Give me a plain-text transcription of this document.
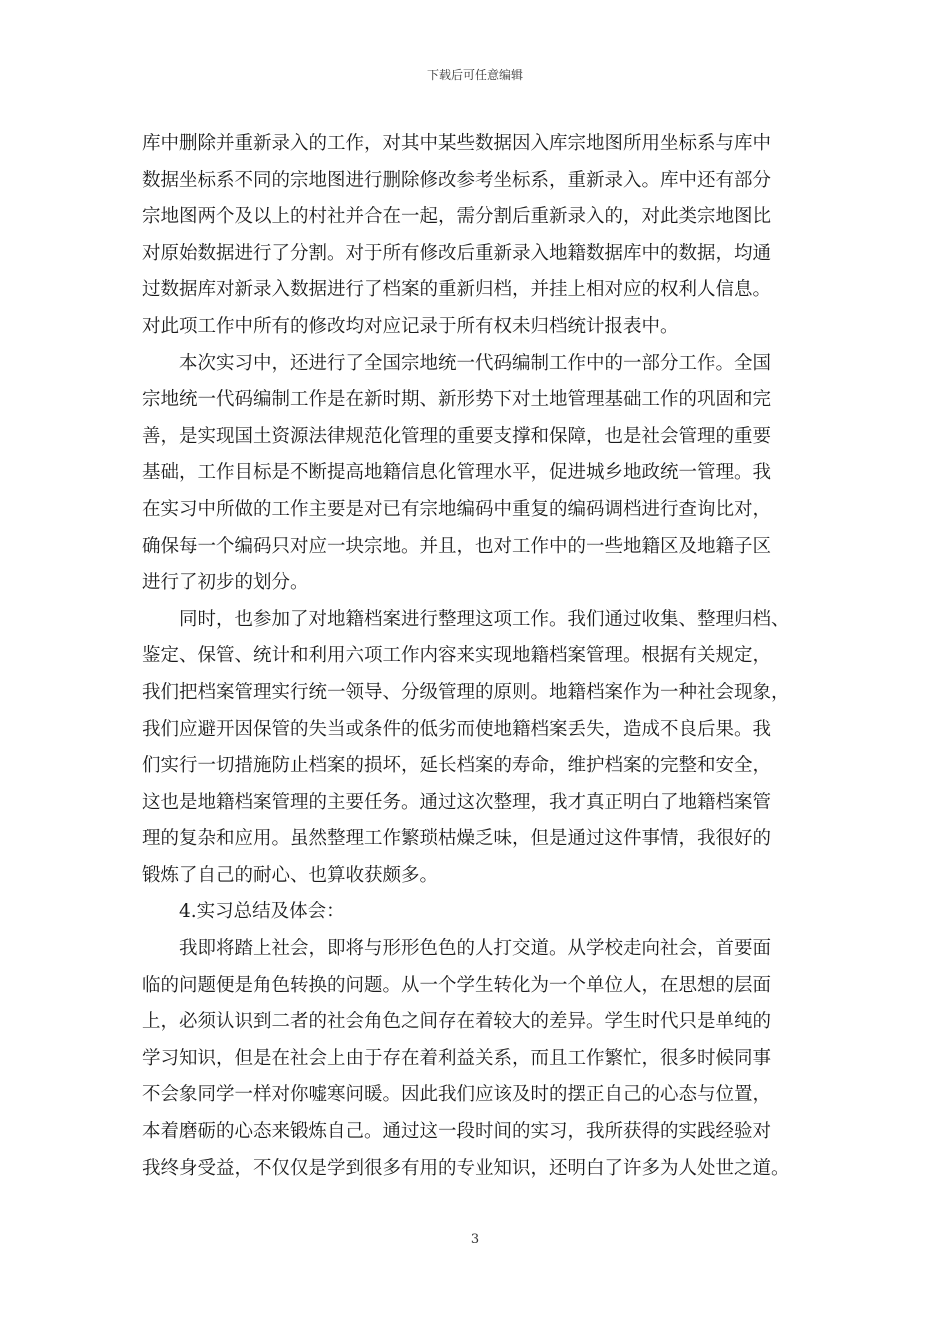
下载后可任意编辑
库中删除并重新录入的工作，对其中某些数据因入库宗地图所用坐标系与库中
数据坐标系不同的宗地图进行删除修改参考坐标系，重新录入。库中还有部分
宗地图两个及以上的村社并合在一起，需分割后重新录入的，对此类宗地图比
对原始数据进行了分割。对于所有修改后重新录入地籍数据库中的数据，均通
过数据库对新录入数据进行了档案的重新归档，并挂上相对应的权利人信息。
对此项工作中所有的修改均对应记录于所有权未归档统计报表中。
本次实习中，还进行了全国宗地统一代码编制工作中的一部分工作。全国
宗地统一代码编制工作是在新时期、新形势下对土地管理基础工作的巩固和完
善，是实现国土资源法律规范化管理的重要支撑和保障，也是社会管理的重要
基础，工作目标是不断提高地籍信息化管理水平，促进城乡地政统一管理。我
在实习中所做的工作主要是对已有宗地编码中重复的编码调档进行查询比对，
确保每一个编码只对应一块宗地。并且，也对工作中的一些地籍区及地籍子区
进行了初步的划分。
同时，也参加了对地籍档案进行整理这项工作。我们通过收集、整理归档、
鉴定、保管、统计和利用六项工作内容来实现地籍档案管理。根据有关规定，
我们把档案管理实行统一领导、分级管理的原则。地籍档案作为一种社会现象，
我们应避开因保管的失当或条件的低劣而使地籍档案丢失，造成不良后果。我
们实行一切措施防止档案的损坏，延长档案的寿命，维护档案的完整和安全，
这也是地籍档案管理的主要任务。通过这次整理，我才真正明白了地籍档案管
理的复杂和应用。虽然整理工作繁琐枯燥乏味，但是通过这件事情，我很好的
锻炼了自己的耐心、也算收获颇多。
4.实习总结及体会：
我即将踏上社会，即将与形形色色的人打交道。从学校走向社会，首要面
临的问题便是角色转换的问题。从一个学生转化为一个单位人，在思想的层面
上，必须认识到二者的社会角色之间存在着较大的差异。学生时代只是单纯的
学习知识，但是在社会上由于存在着利益关系，而且工作繁忙，很多时候同事
不会象同学一样对你嘘寒问暖。因此我们应该及时的摆正自己的心态与位置，
本着磨砺的心态来锻炼自己。通过这一段时间的实习，我所获得的实践经验对
我终身受益，不仅仅是学到很多有用的专业知识，还明白了许多为人处世之道。
3
